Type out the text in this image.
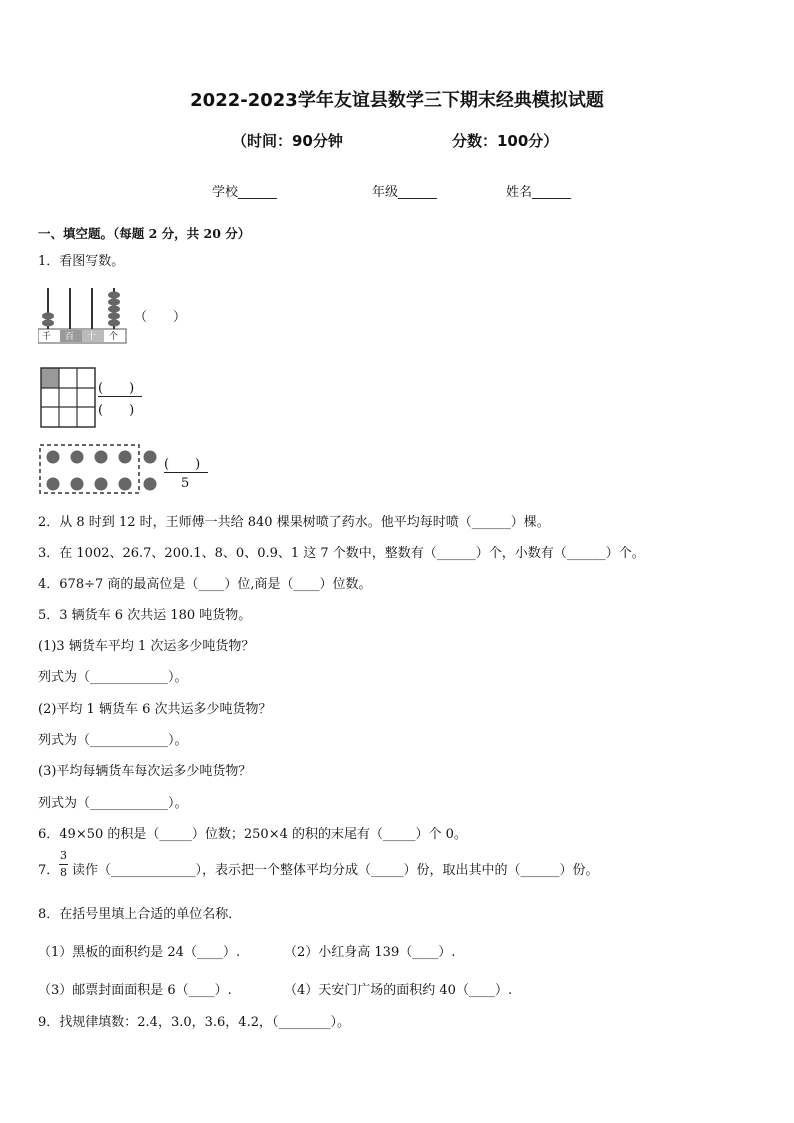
2022-2023学年友谊县数学三下期末经典模拟试题
（时间：90分钟	分数：100分）
学校______	年级______	姓名______
一、填空题。（每题 2 分，共 20 分）
1．看图写数。
千 百 十 个
（　　）
(　　)
(　　)
(　　)
5
2．从 8 时到 12 时，王师傅一共给 840 棵果树喷了药水。他平均每时喷（______）棵。
3．在 1002、26.7、200.1、8、0、0.9、1 这 7 个数中，整数有（______）个，小数有（______）个。
4．678÷7 商的最高位是（____）位,商是（____）位数。
5．3 辆货车 6 次共运 180 吨货物。
(1)3 辆货车平均 1 次运多少吨货物？
列式为（____________）。
(2)平均 1 辆货车 6 次共运多少吨货物？
列式为（____________）。
(3)平均每辆货车每次运多少吨货物？
列式为（____________）。
6．49×50 的积是（_____）位数；250×4 的积的末尾有（_____）个 0。
7．
3
8 读作（_____________），表示把一个整体平均分成（_____）份，取出其中的（______）份。
8．在括号里填上合适的单位名称．
（1）黑板的面积约是 24（____）.	（2）小红身高 139（____）.
（3）邮票封面面积是 6（____）.	（4）天安门广场的面积约 40（____）.
9．找规律填数：2.4，3.0，3.6，4.2，（________）。
